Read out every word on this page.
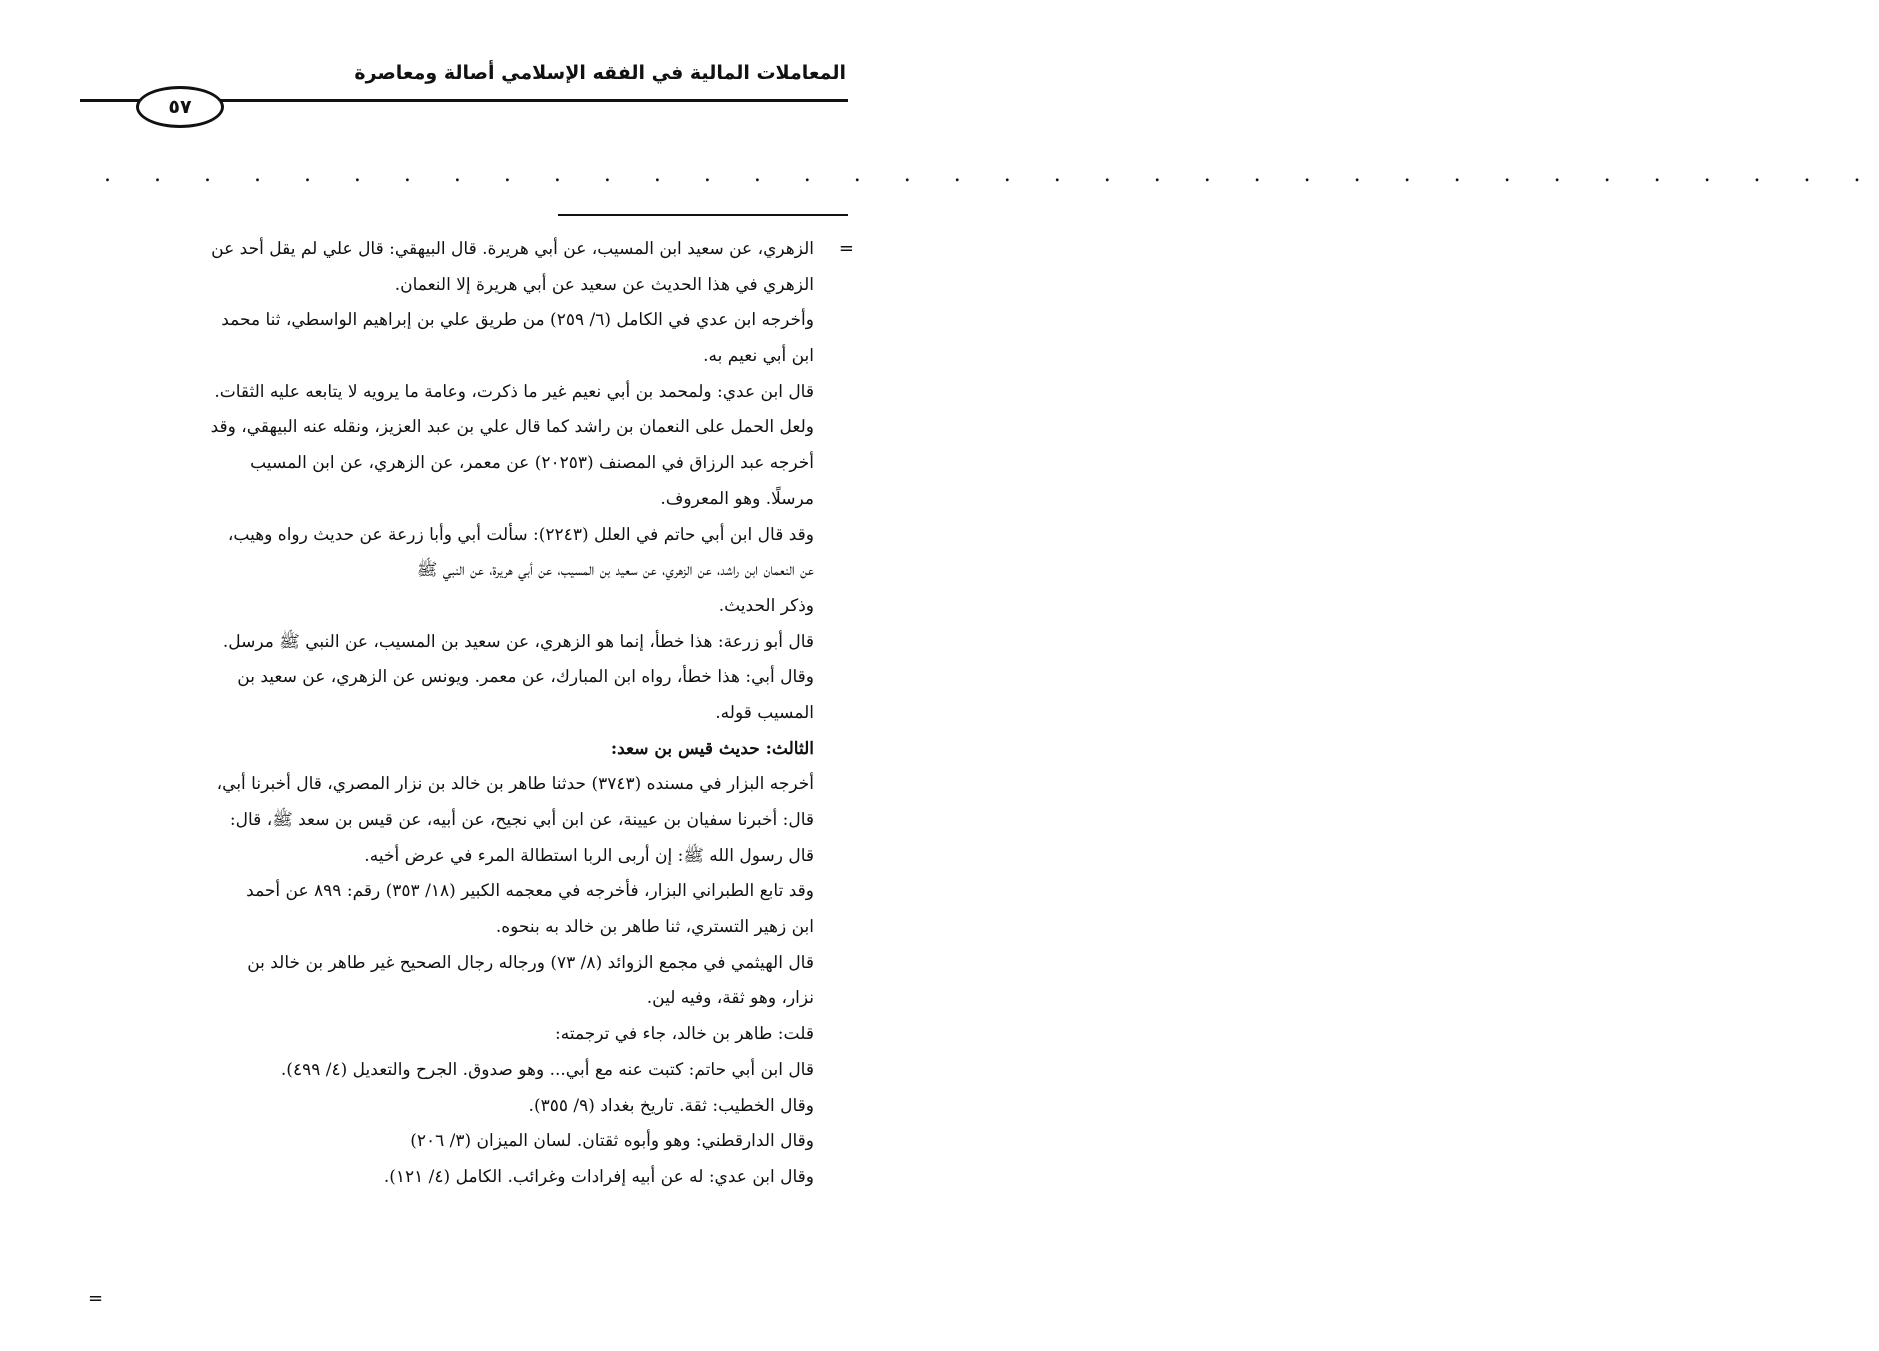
المعاملات المالية في الفقه الإسلامي أصالة ومعاصرة
٥٧
. . . . . . . . . . . . . . . . . . . . . . . . . . . . . . . . . . . .
=
=
الزهري، عن سعيد ابن المسيب، عن أبي هريرة. قال البيهقي: قال علي لم يقل أحد عن
الزهري في هذا الحديث عن سعيد عن أبي هريرة إلا النعمان.
وأخرجه ابن عدي في الكامل (٦/ ٢٥٩) من طريق علي بن إبراهيم الواسطي، ثنا محمد
ابن أبي نعيم به.
قال ابن عدي: ولمحمد بن أبي نعيم غير ما ذكرت، وعامة ما يرويه لا يتابعه عليه الثقات.
ولعل الحمل على النعمان بن راشد كما قال علي بن عبد العزيز، ونقله عنه البيهقي، وقد
أخرجه عبد الرزاق في المصنف (٢٠٢٥٣) عن معمر، عن الزهري، عن ابن المسيب
مرسلًا. وهو المعروف.
وقد قال ابن أبي حاتم في العلل (٢٢٤٣): سألت أبي وأبا زرعة عن حديث رواه وهيب،
عن النعمان ابن راشد، عن الزهري، عن سعيد بن المسيب، عن أبي هريرة، عن النبي ﷺ
وذكر الحديث.
قال أبو زرعة: هذا خطأ، إنما هو الزهري، عن سعيد بن المسيب، عن النبي ﷺ مرسل.
وقال أبي: هذا خطأ، رواه ابن المبارك، عن معمر. ويونس عن الزهري، عن سعيد بن
المسيب قوله.
الثالث: حديث قيس بن سعد:
أخرجه البزار في مسنده (٣٧٤٣) حدثنا طاهر بن خالد بن نزار المصري، قال أخبرنا أبي،
قال: أخبرنا سفيان بن عيينة، عن ابن أبي نجيح، عن أبيه، عن قيس بن سعد ﷺ، قال:
قال رسول الله ﷺ: إن أربى الربا استطالة المرء في عرض أخيه.
وقد تابع الطبراني البزار، فأخرجه في معجمه الكبير (١٨/ ٣٥٣) رقم: ٨٩٩ عن أحمد
ابن زهير التستري، ثنا طاهر بن خالد به بنحوه.
قال الهيثمي في مجمع الزوائد (٨/ ٧٣) ورجاله رجال الصحيح غير طاهر بن خالد بن
نزار، وهو ثقة، وفيه لين.
قلت: طاهر بن خالد، جاء في ترجمته:
قال ابن أبي حاتم: كتبت عنه مع أبي... وهو صدوق. الجرح والتعديل (٤/ ٤٩٩).
وقال الخطيب: ثقة. تاريخ بغداد (٩/ ٣٥٥).
وقال الدارقطني: وهو وأبوه ثقتان. لسان الميزان (٣/ ٢٠٦)
وقال ابن عدي: له عن أبيه إفرادات وغرائب. الكامل (٤/ ١٢١).
